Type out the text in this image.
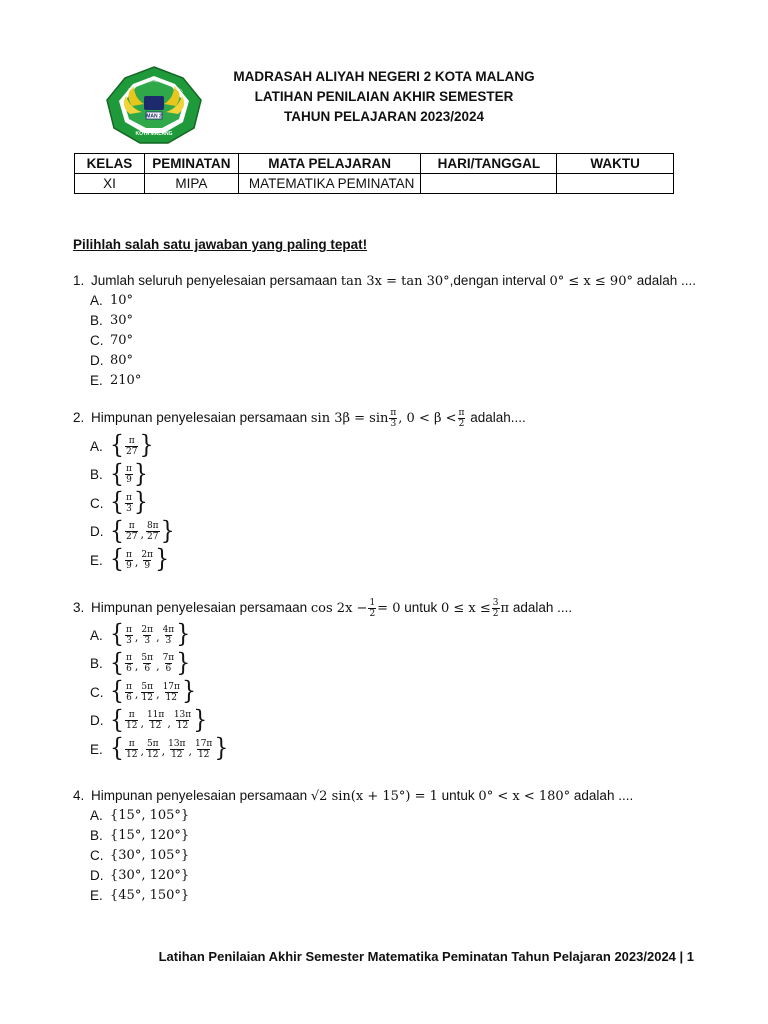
MAN 2
KOTA MALANG
MADRASAH ALIYAH NEGERI
MADRASAH ALIYAH NEGERI 2 KOTA MALANG
LATIHAN PENILAIAN AKHIR SEMESTER
TAHUN PELAJARAN 2023/2024
KELAS	PEMINATAN	MATA PELAJARAN	HARI/TANGGAL	WAKTU
XI	MIPA	MATEMATIKA PEMINATAN		
Pilihlah salah satu jawaban yang paling tepat!
1. Jumlah seluruh penyelesaian persamaan tan 3x = tan 30°,dengan interval 0° ≤ x ≤ 90° adalah ....
A. 10°
B. 30°
C. 70°
D. 80°
E. 210°
2. Himpunan penyelesaian persamaan $\sin 3\beta = \sin \frac{\pi}{3}$ , $0 < \beta < \frac{\pi}{2}$ adalah....
A. { $\frac{\pi}{27}$ }
B. { $\frac{\pi}{9}$ }
C. { $\frac{\pi}{3}$ }
D. { $\frac{\pi}{27}$ , $\frac{8\pi}{27}$ }
E. { $\frac{\pi}{9}$ , $\frac{2\pi}{9}$ }
3. Himpunan penyelesaian persamaan $\cos 2x - \frac{1}{2} = 0$ untuk $0 \le x \le \frac{3}{2}$ π adalah ....
A. { $\frac{\pi}{3}$ , $\frac{2\pi}{3}$ , $\frac{4\pi}{3}$ }
B. { $\frac{\pi}{6}$ , $\frac{5\pi}{6}$ , $\frac{7\pi}{6}$ }
C. { $\frac{\pi}{6}$ , $\frac{5\pi}{12}$ , $\frac{17\pi}{12}$ }
D. { $\frac{\pi}{12}$ , $\frac{11\pi}{12}$ , $\frac{13\pi}{12}$ }
E. { $\frac{\pi}{12}$ , $\frac{5\pi}{12}$ , $\frac{13\pi}{12}$ , $\frac{17\pi}{12}$ }
4. Himpunan penyelesaian persamaan √2 sin(x + 15°) = 1 untuk 0° < x < 180° adalah ....
A. {15°, 105°}
B. {15°, 120°}
C. {30°, 105°}
D. {30°, 120°}
E. {45°, 150°}
Latihan Penilaian Akhir Semester Matematika Peminatan Tahun Pelajaran 2023/2024 | 1
